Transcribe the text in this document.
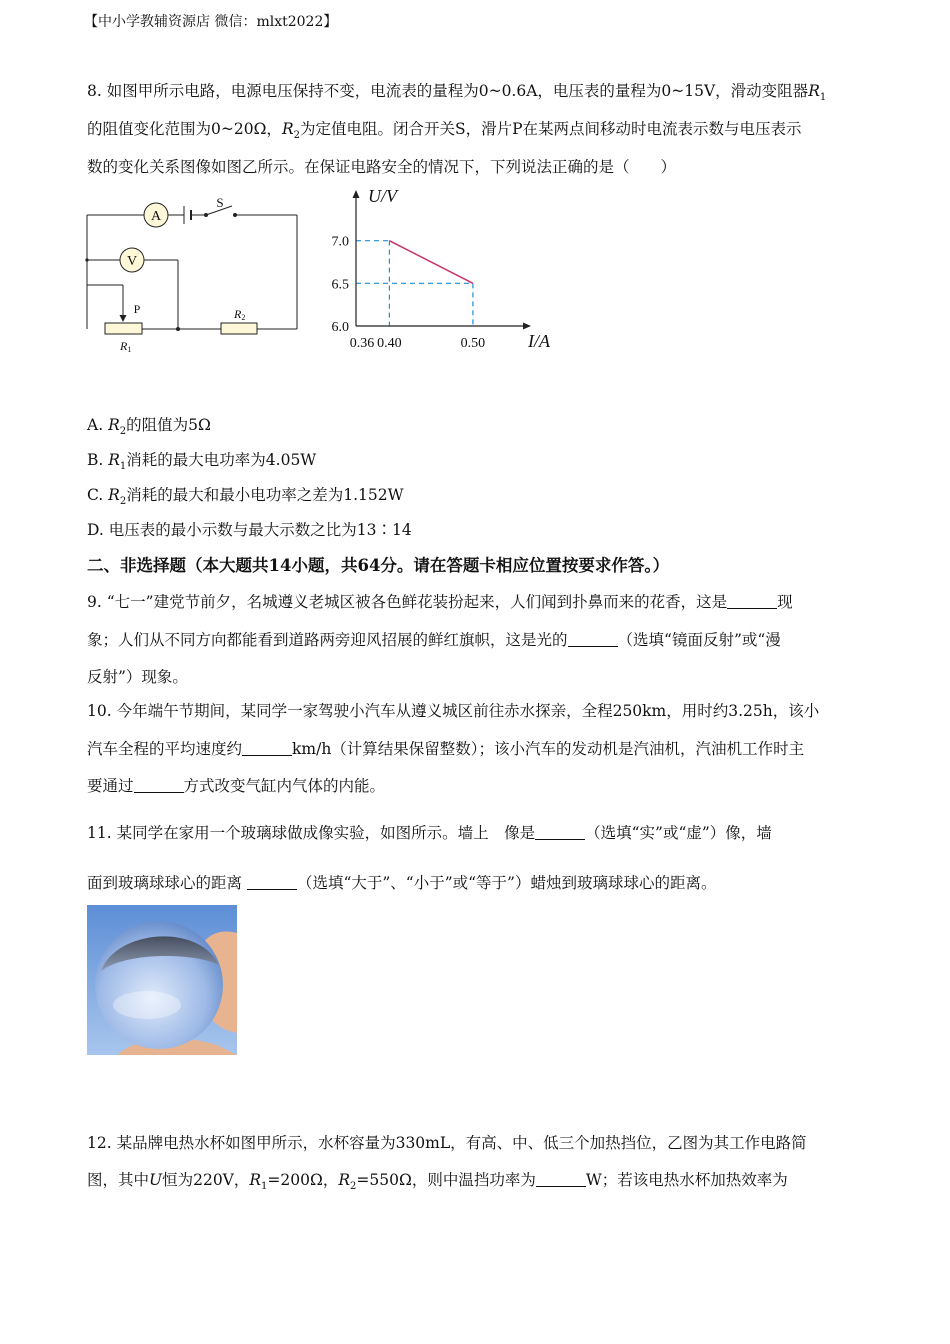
【中小学教辅资源店 微信：mlxt2022】
8. 如图甲所示电路，电源电压保持不变，电流表的量程为0~0.6A，电压表的量程为0~15V，滑动变阻器$R_1$
的阻值变化范围为0~20Ω，$R_2$为定值电阻。闭合开关S，滑片P在某两点间移动时电流表示数与电压表示
数的变化关系图像如图乙所示。在保证电路安全的情况下，下列说法正确的是（　　）
A
V
S
P
R1
R2
0.36 0.40	0.50
6.0
6.5
7.0
U/V
I/A
A. $R_2$的阻值为5Ω
B. $R_1$消耗的最大电功率为4.05W
C. $R_2$消耗的最大和最小电功率之差为1.152W
D. 电压表的最小示数与最大示数之比为13∶14
二、非选择题（本大题共14小题，共64分。请在答题卡相应位置按要求作答。）
9. “七一”建党节前夕，名城遵义老城区被各色鲜花装扮起来，人们闻到扑鼻而来的花香，这是	现
象；人们从不同方向都能看到道路两旁迎风招展的鲜红旗帜，这是光的	（选填“镜面反射”或“漫
反射”）现象。
10. 今年端午节期间，某同学一家驾驶小汽车从遵义城区前往赤水探亲，全程250km，用时约3.25h，该小
汽车全程的平均速度约	km/h（计算结果保留整数）；该小汽车的发动机是汽油机，汽油机工作时主
要通过	方式改变气缸内气体的内能。
11. 某同学在家用一个玻璃球做成像实验，如图所示。墙上　像是	（选填“实”或“虚”）像，墙
面到玻璃球球心的距离	（选填“大于”、“小于”或“等于”）蜡烛到玻璃球球心的距离。
12. 某品牌电热水杯如图甲所示，水杯容量为330mL，有高、中、低三个加热挡位，乙图为其工作电路简
图，其中U恒为220V，$R_1=200\Omega$，$R_2=550\Omega$，则中温挡功率为	W；若该电热水杯加热效率为
